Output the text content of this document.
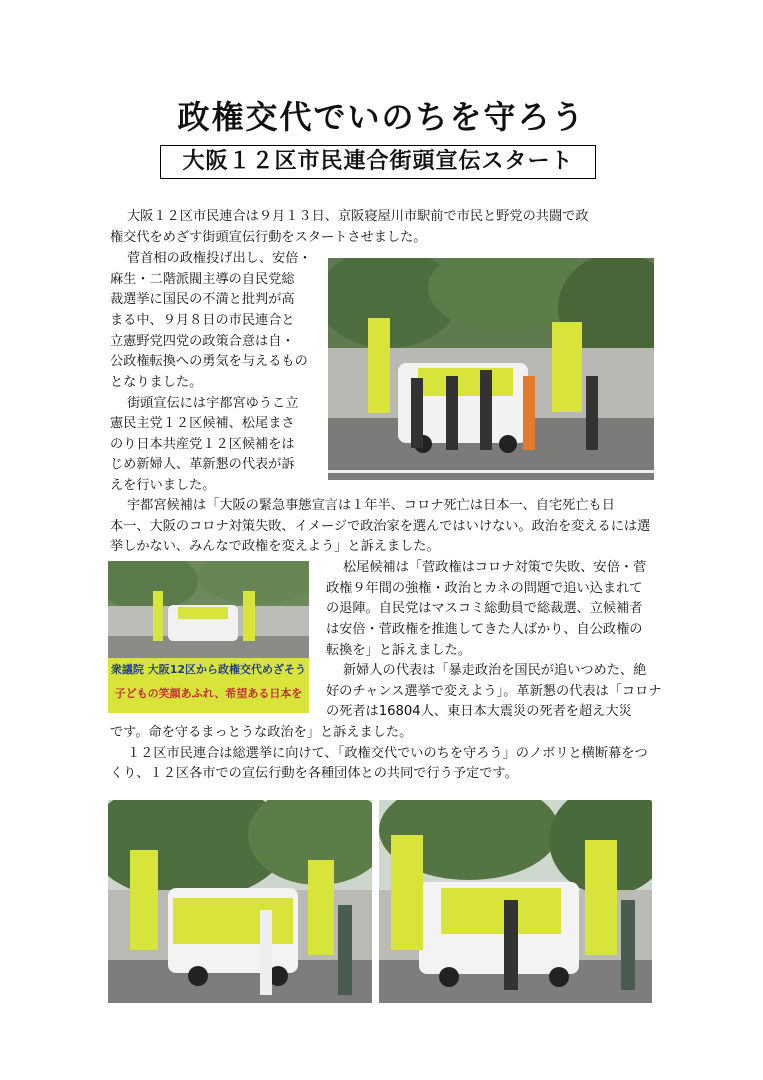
政権交代でいのちを守ろう
大阪１２区市民連合街頭宣伝スタート

大阪１２区市民連合は９月１３日、京阪寝屋川市駅前で市民と野党の共闘で政

権交代をめざす街頭宣伝行動をスタートさせました。

菅首相の政権投げ出し、安倍・

麻生・二階派閥主導の自民党総

裁選挙に国民の不満と批判が高

まる中、９月８日の市民連合と

立憲野党四党の政策合意は自・

公政権転換への勇気を与えるもの

となりました。

街頭宣伝には宇都宮ゆうこ立

憲民主党１２区候補、松尾まさ

のり日本共産党１２区候補をは

じめ新婦人、革新懇の代表が訴

えを行いました。

宇都宮候補は「大阪の緊急事態宣言は１年半、コロナ死亡は日本一、自宅死亡も日

本一、大阪のコロナ対策失敗、イメージで政治家を選んではいけない。政治を変えるには選

挙しかない、みんなで政権を変えよう」と訴えました。

松尾候補は「菅政権はコロナ対策で失敗、安倍・菅

政権９年間の強権・政治とカネの問題で追い込まれて

の退陣。自民党はマスコミ総動員で総裁選、立候補者

は安倍・菅政権を推進してきた人ばかり、自公政権の

転換を」と訴えました。

新婦人の代表は「暴走政治を国民が追いつめた、絶

好のチャンス選挙で変えよう」。革新懇の代表は「コロナ

の死者は16804人、東日本大震災の死者を超え大災

です。命を守るまっとうな政治を」と訴えました。

１２区市民連合は総選挙に向けて、「政権交代でいのちを守ろう」のノボリと横断幕をつ

くり、１２区各市での宣伝行動を各種団体との共同で行う予定です。

衆議院 大阪12区から政権交代めざそう
子どもの笑顔あふれ、希望ある日本を
